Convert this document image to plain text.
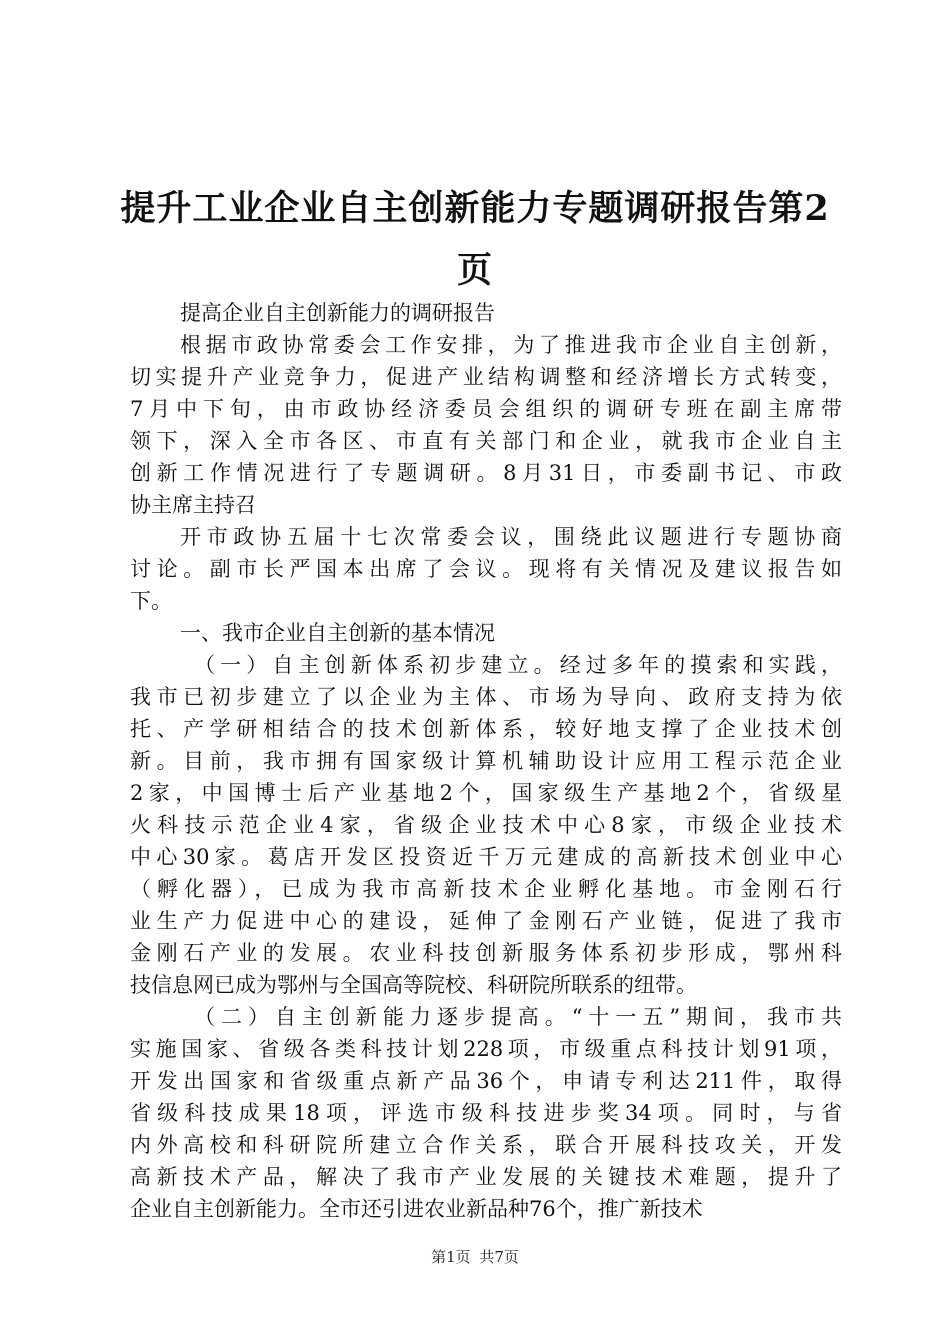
提升工业企业自主创新能力专题调研报告第2
页
提高企业自主创新能力的调研报告
根据市政协常委会工作安排，为了推进我市企业自主创新，
切实提升产业竞争力，促进产业结构调整和经济增长方式转变，
7月中下旬，由市政协经济委员会组织的调研专班在副主席带
领下，深入全市各区、市直有关部门和企业，就我市企业自主
创新工作情况进行了专题调研。8月31日，市委副书记、市政
协主席主持召
开市政协五届十七次常委会议，围绕此议题进行专题协商
讨论。副市长严国本出席了会议。现将有关情况及建议报告如
下。
一、我市企业自主创新的基本情况
（一）自主创新体系初步建立。经过多年的摸索和实践，
我市已初步建立了以企业为主体、市场为导向、政府支持为依
托、产学研相结合的技术创新体系，较好地支撑了企业技术创
新。目前，我市拥有国家级计算机辅助设计应用工程示范企业
2家，中国博士后产业基地2个，国家级生产基地2个，省级星
火科技示范企业4家，省级企业技术中心8家，市级企业技术
中心30家。葛店开发区投资近千万元建成的高新技术创业中心
（孵化器），已成为我市高新技术企业孵化基地。市金刚石行
业生产力促进中心的建设，延伸了金刚石产业链，促进了我市
金刚石产业的发展。农业科技创新服务体系初步形成，鄂州科
技信息网已成为鄂州与全国高等院校、科研院所联系的纽带。
（二）自主创新能力逐步提高。“十一五”期间，我市共
实施国家、省级各类科技计划228项，市级重点科技计划91项，
开发出国家和省级重点新产品36个，申请专利达211件，取得
省级科技成果18项，评选市级科技进步奖34项。同时，与省
内外高校和科研院所建立合作关系，联合开展科技攻关，开发
高新技术产品，解决了我市产业发展的关键技术难题，提升了
企业自主创新能力。全市还引进农业新品种76个，推广新技术
第1页 共7页
